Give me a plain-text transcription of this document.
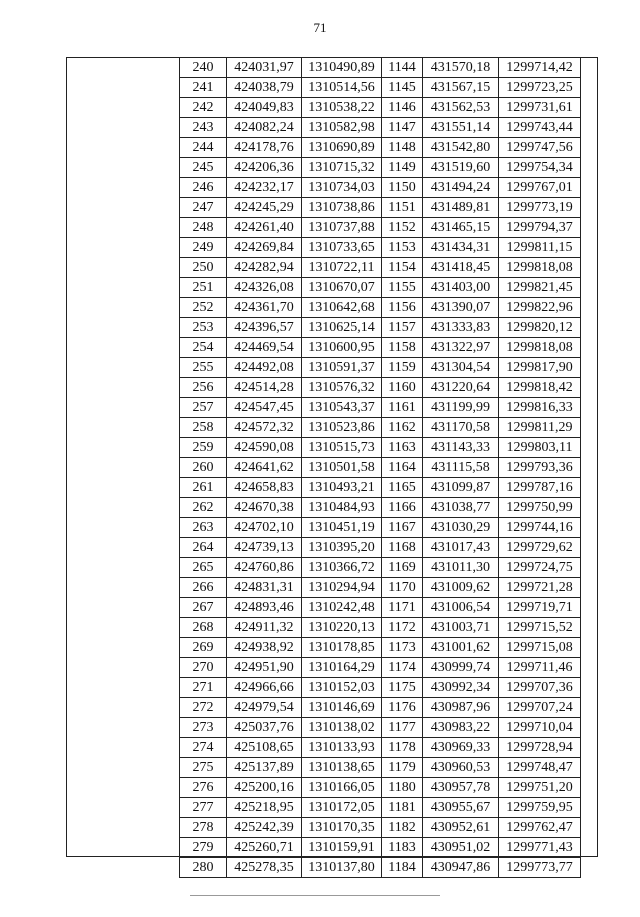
71
240	424031,97	1310490,89	1144	431570,18	1299714,42
241	424038,79	1310514,56	1145	431567,15	1299723,25
242	424049,83	1310538,22	1146	431562,53	1299731,61
243	424082,24	1310582,98	1147	431551,14	1299743,44
244	424178,76	1310690,89	1148	431542,80	1299747,56
245	424206,36	1310715,32	1149	431519,60	1299754,34
246	424232,17	1310734,03	1150	431494,24	1299767,01
247	424245,29	1310738,86	1151	431489,81	1299773,19
248	424261,40	1310737,88	1152	431465,15	1299794,37
249	424269,84	1310733,65	1153	431434,31	1299811,15
250	424282,94	1310722,11	1154	431418,45	1299818,08
251	424326,08	1310670,07	1155	431403,00	1299821,45
252	424361,70	1310642,68	1156	431390,07	1299822,96
253	424396,57	1310625,14	1157	431333,83	1299820,12
254	424469,54	1310600,95	1158	431322,97	1299818,08
255	424492,08	1310591,37	1159	431304,54	1299817,90
256	424514,28	1310576,32	1160	431220,64	1299818,42
257	424547,45	1310543,37	1161	431199,99	1299816,33
258	424572,32	1310523,86	1162	431170,58	1299811,29
259	424590,08	1310515,73	1163	431143,33	1299803,11
260	424641,62	1310501,58	1164	431115,58	1299793,36
261	424658,83	1310493,21	1165	431099,87	1299787,16
262	424670,38	1310484,93	1166	431038,77	1299750,99
263	424702,10	1310451,19	1167	431030,29	1299744,16
264	424739,13	1310395,20	1168	431017,43	1299729,62
265	424760,86	1310366,72	1169	431011,30	1299724,75
266	424831,31	1310294,94	1170	431009,62	1299721,28
267	424893,46	1310242,48	1171	431006,54	1299719,71
268	424911,32	1310220,13	1172	431003,71	1299715,52
269	424938,92	1310178,85	1173	431001,62	1299715,08
270	424951,90	1310164,29	1174	430999,74	1299711,46
271	424966,66	1310152,03	1175	430992,34	1299707,36
272	424979,54	1310146,69	1176	430987,96	1299707,24
273	425037,76	1310138,02	1177	430983,22	1299710,04
274	425108,65	1310133,93	1178	430969,33	1299728,94
275	425137,89	1310138,65	1179	430960,53	1299748,47
276	425200,16	1310166,05	1180	430957,78	1299751,20
277	425218,95	1310172,05	1181	430955,67	1299759,95
278	425242,39	1310170,35	1182	430952,61	1299762,47
279	425260,71	1310159,91	1183	430951,02	1299771,43
280	425278,35	1310137,80	1184	430947,86	1299773,77
